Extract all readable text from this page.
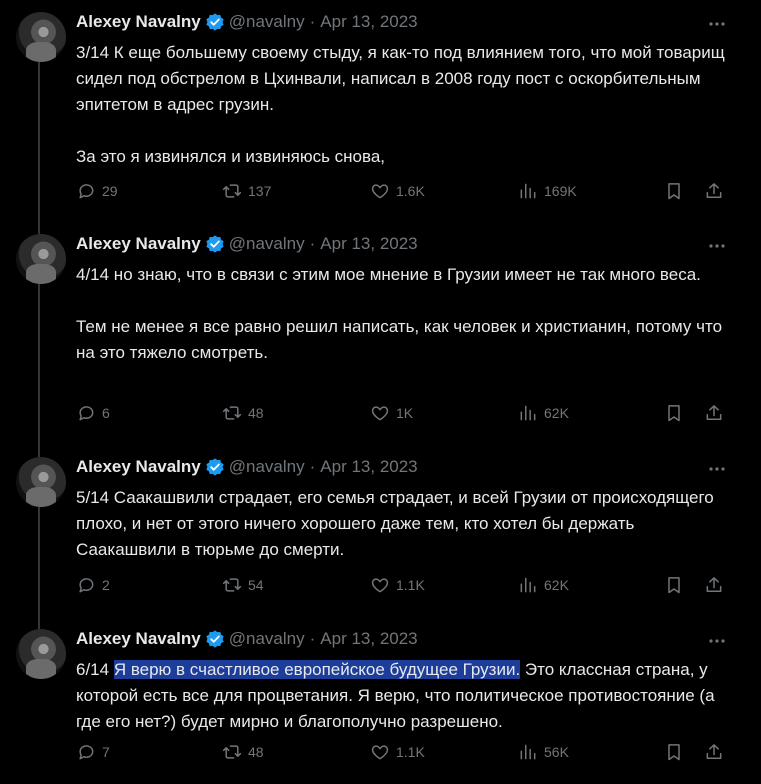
Alexey Navalny @navalny · Apr 13, 2023
3/14 К еще большему своему стыду, я как-то под влиянием того, что мой товарищ сидел под обстрелом в Цхинвали, написал в 2008 году пост с оскорбительным эпитетом в адрес грузин.

За это я извинялся и извиняюсь снова,
29	137	1.6K	169K
Alexey Navalny @navalny · Apr 13, 2023
4/14 но знаю, что в связи с этим мое мнение в Грузии имеет не так много веса.

Тем не менее я все равно решил написать, как человек и христианин, потому что на это тяжело смотреть.
6	48	1K	62K
Alexey Navalny @navalny · Apr 13, 2023
5/14 Саакашвили страдает, его семья страдает, и всей Грузии от происходящего плохо, и нет от этого ничего хорошего даже тем, кто хотел бы держать Саакашвили в тюрьме до смерти.
2	54	1.1K	62K
Alexey Navalny @navalny · Apr 13, 2023
6/14 Я верю в счастливое европейское будущее Грузии. Это классная страна, у которой есть все для процветания. Я верю, что политическое противостояние (а где его нет?) будет мирно и благополучно разрешено.
7	48	1.1K	56K
